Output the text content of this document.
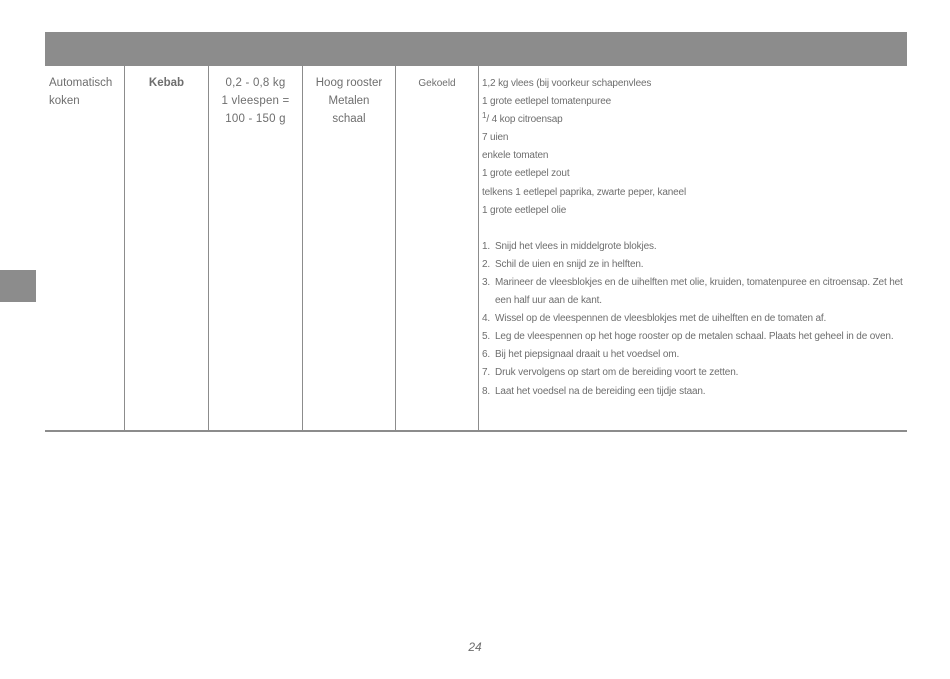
Automatisch
koken
Kebab	0,2 - 0,8 kg
1 vleespen =
100 - 150 g
Hoog rooster
Metalen
schaal
Gekoeld	1,2 kg vlees (bij voorkeur schapenvlees
1 grote eetlepel tomatenpuree
$^1$/ 4 kop citroensap
7 uien
enkele tomaten
1 grote eetlepel zout
telkens 1 eetlepel paprika, zwarte peper, kaneel
1 grote eetlepel olie
1. Snijd het vlees in middelgrote blokjes.
2. Schil de uien en snijd ze in helften.
3. Marineer de vleesblokjes en de uihelften met olie, kruiden, tomatenpuree en citroensap. Zet het een half uur aan de kant.
4. Wissel op de vleespennen de vleesblokjes met de uihelften en de tomaten af.
5. Leg de vleespennen op het hoge rooster op de metalen schaal. Plaats het geheel in de oven.
6. Bij het piepsignaal draait u het voedsel om.
7. Druk vervolgens op start om de bereiding voort te zetten.
8. Laat het voedsel na de bereiding een tijdje staan.
24
